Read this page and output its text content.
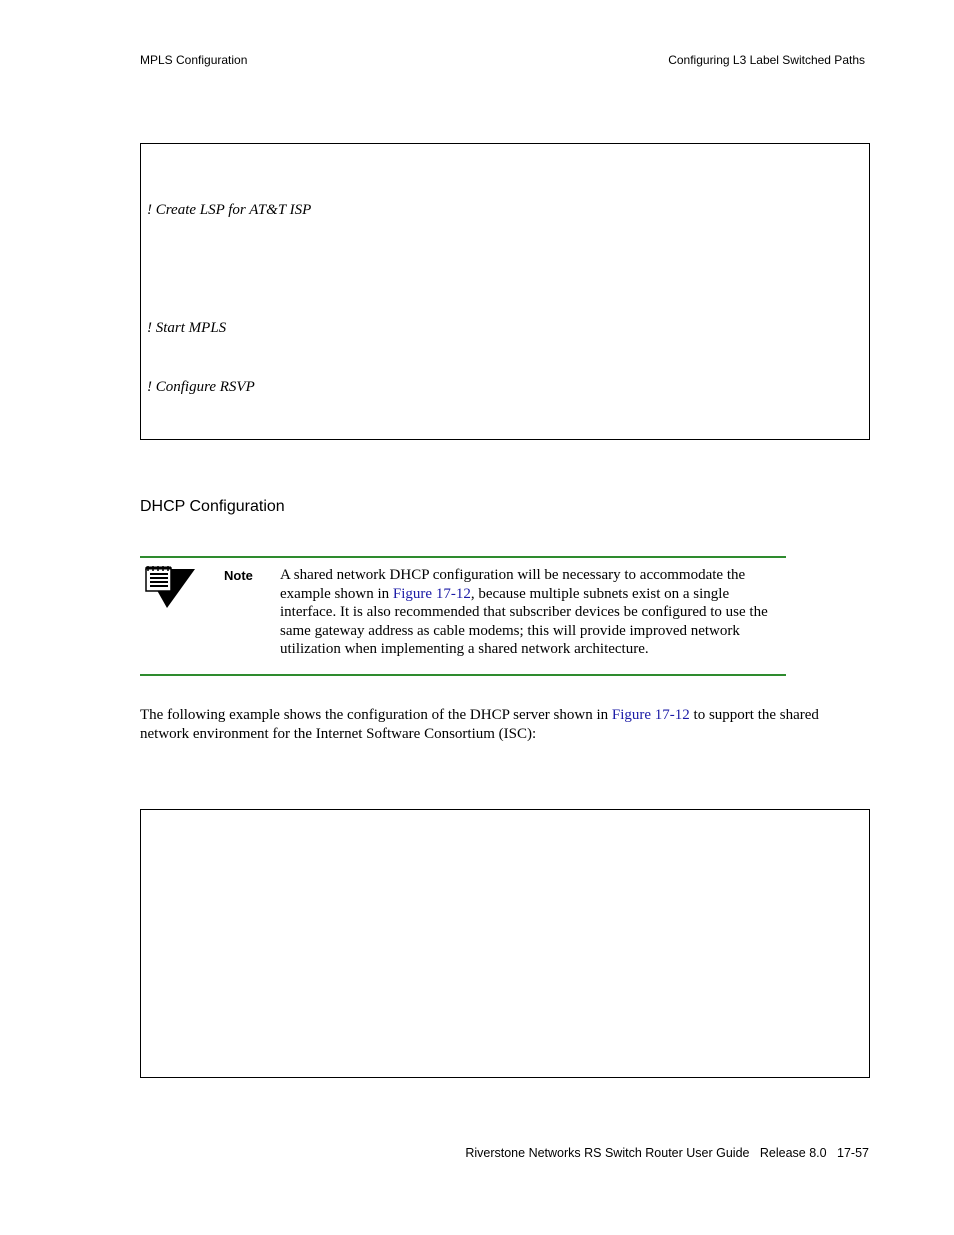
MPLS Configuration	Configuring L3 Label Switched Paths
! Create LSP for AT&T ISP
! Start MPLS
! Configure RSVP
DHCP Configuration
Note A shared network DHCP configuration will be necessary to accommodate the example shown in Figure 17-12, because multiple subnets exist on a single interface. It is also recommended that subscriber devices be configured to use the same gateway address as cable modems; this will provide improved network utilization when implementing a shared network architecture.
The following example shows the configuration of the DHCP server shown in Figure 17-12 to support the shared network environment for the Internet Software Consortium (ISC):
Riverstone Networks RS Switch Router User Guide   Release 8.0   17-57
